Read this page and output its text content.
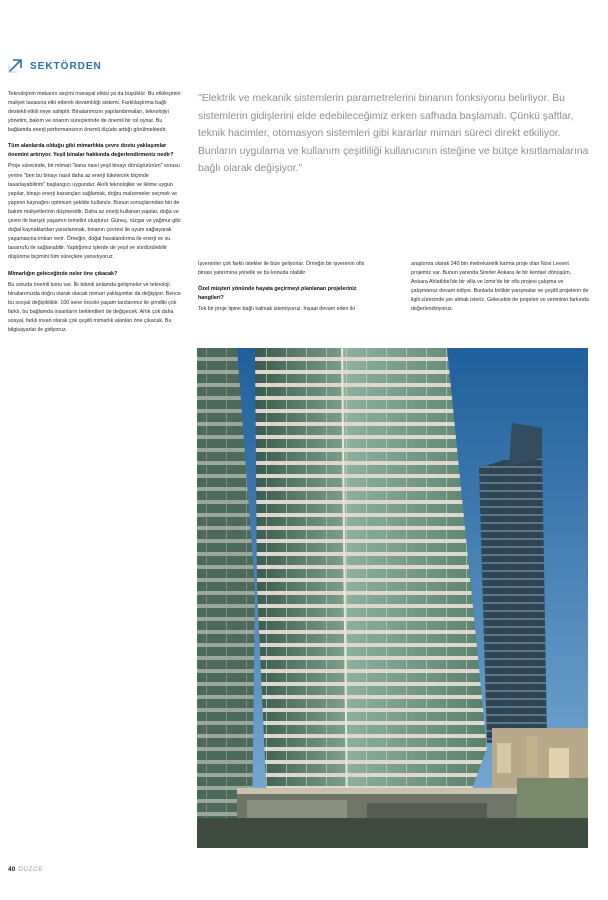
SEKTÖRDEN

Teknolojinin mekanın seçimi manayal etkisi ya da büyüktür. Bu etkileşimin maliyet tavasına etki ederek devamlılığı sistemi. Farklılaştırma bağlı destekli etkili neye sahiptir. Binalarımızın yapılandırmaları, teknolojiyi yönetim, bakım ve onarım süreçlerinde de önemli bir rol oynar. Bu bağlamda enerji performansının önemli ölçüde arttığı görülmektedir.

Tüm alanlarda olduğu gibi mimarlıkta çevre dostu yaklaşımlar önemini artırıyor. Yeşil binalar hakkında değerlendirmeniz nedir?

Proje sürecinde, bir mimari "bana nasıl yeşil binayı dönüştürürüm" sorusu yerine "ben bu binayı nasıl daha az enerji tüketecek biçimde tasarlayabilirim" başlangıcı uygundur. Akıllı teknolojiler ve iklime uygun yapılar, binayı enerji kazançları sağlamak, doğru malzemeler seçmek ve yapının kaynağını optimum şekilde kullanılır. Bunun sonuçlarından biri de bakım maliyetlerinin düşmesidir. Daha az enerji kullanan yapılar, doğa ve çevre ile barışık yaşamın temelini oluşturur. Güneş, rüzgar ve yağmur gibi doğal kaynaklardan yararlanmak, binanın çevresi ile uyum sağlayarak yaşamasına imkan verir. Örneğin, doğal havalandırma ile enerji ve su tasarrufu ile sağlanabilir. Yaptığımız işlerde de yeşil ve sürdürülebilir düşünme biçimini tüm süreçlere yansıtıyoruz.

Mimarlığın geleceğinde neler öne çıkacak?

Bu soruda önemli konu var. İlk teknik anlamda gelişmeler ve teknoloji binalarımızda doğru olarak olacak mimari yaklaşımlar da değişiyor. Bence bu sosyal değişikliktir. 100 sene önceki yaşam tarzlarımız ile şimdiki çok farklı, bu bağlamda insanların beklentileri de değişecek. Artık çok daha sosyal, farklı insan olarak çok çeşitli mimarlık alanları öne çıkacak. Bu bilgisayarlar ile gidiyoruz.

"Elektrik ve mekanik sistemlerin parametrelerini binanın fonksiyonu belirliyor. Bu sistemlerin gidişlerini elde edebileceğimiz erken safhada başlamalı. Çünkü şaftlar, teknik hacimler, otomasyon sistemleri gibi kararlar mimari süreci direkt etkiliyor. Bunların uygulama ve kullanım çeşitliliği kullanıcının isteğine ve bütçe kısıtlamalarına bağlı olarak değişiyor."

İşverenler çok farklı istekler ile bize geliyorlar. Örneğin bir işverenin ofis binası yatırımına yönelik ve bu konuda olabilir.

Özel müşteri yönünde hayata geçirmeyi planlanan projeleriniz hangileri?

Tek bir proje tipine bağlı kalmak istemiyoruz. İnşaat devam eden iki

araştırma olarak 240 bin metrekarelik karma proje olan Novi Levent projemiz var. Bunun yanında Sinirler Ankara ile bir kentsel dönüşüm, Ankara Ahlatlıbel'de bir villa ve İzmir'de bir ofis projesi çalışma ve çalışmamız devam ediyor. Bunlarla birlikte yarışmalar ve çeşitli projelerin de ilgili sürecinde yer almak isteriz. Gelecekte de projeleri ve veriminin farkında değerlendiriyoruz.

40 DÜZCE
